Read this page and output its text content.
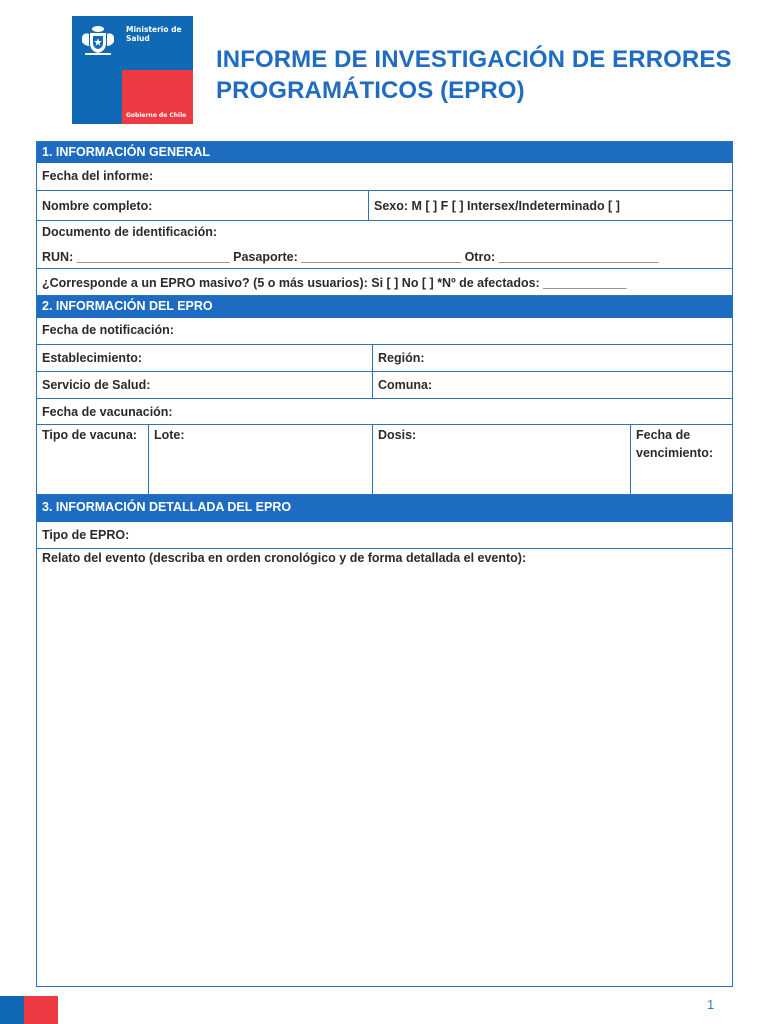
Ministerio de Salud
Gobierno de Chile
INFORME DE INVESTIGACIÓN DE ERRORES
PROGRAMÁTICOS (EPRO)
1. INFORMACIÓN GENERAL
Fecha del informe:
Nombre completo:	Sexo: M [ ] F [ ] Intersex/Indeterminado [ ]
Documento de identificación:
RUN: ______________________ Pasaporte: _______________________ Otro: _______________________
¿Corresponde a un EPRO masivo? (5 o más usuarios): Si [ ] No [ ] *Nº de afectados: ____________
2. INFORMACIÓN DEL EPRO
Fecha de notificación:
Establecimiento:	Región:
Servicio de Salud:	Comuna:
Fecha de vacunación:
Tipo de vacuna: Lote:	Dosis:	Fecha de
vencimiento:
3. INFORMACIÓN DETALLADA DEL EPRO
Tipo de EPRO:
Relato del evento (describa en orden cronológico y de forma detallada el evento):
1
